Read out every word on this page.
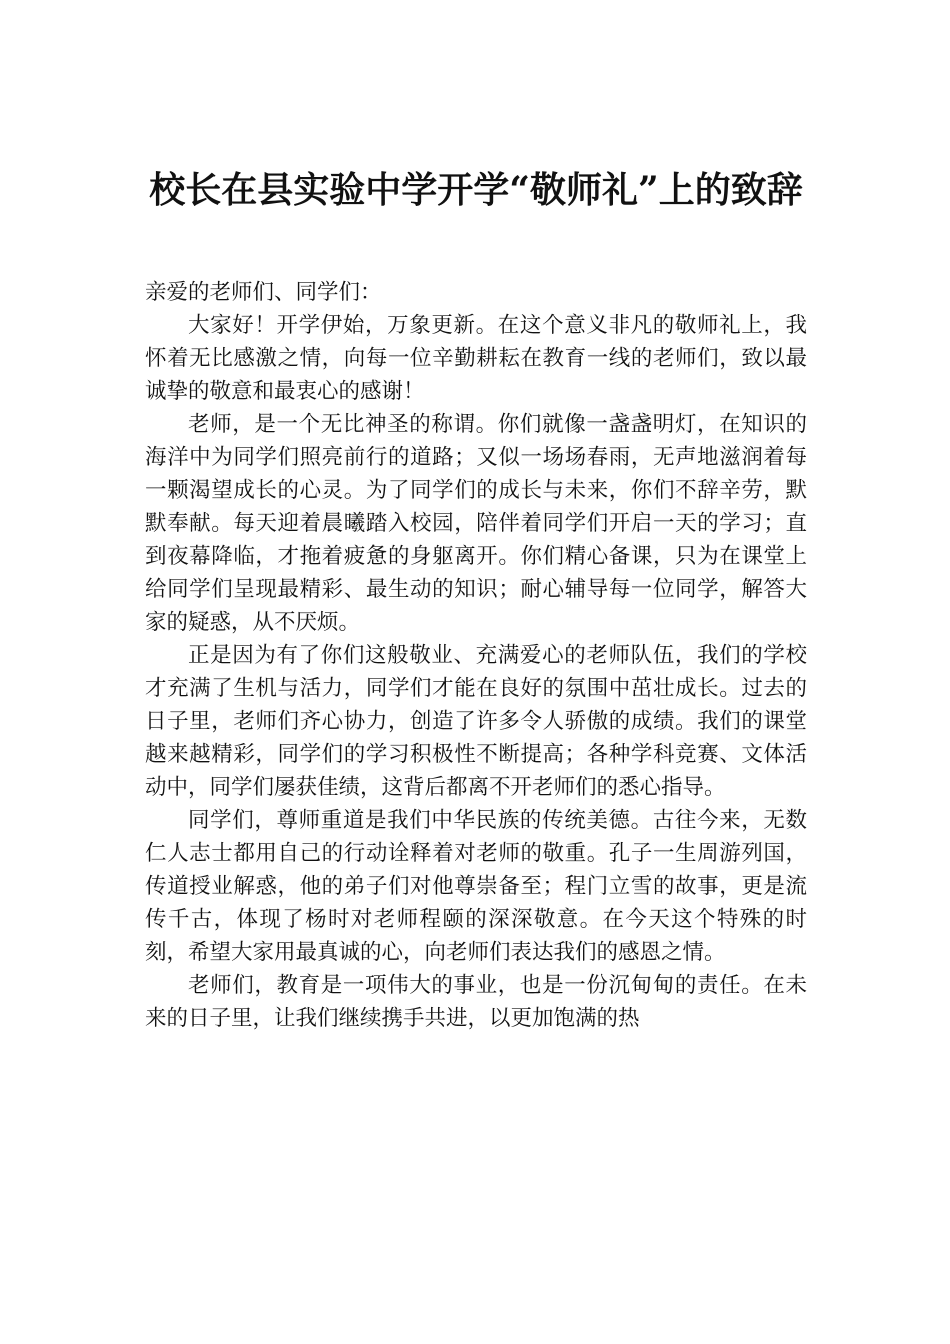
校长在县实验中学开学“敬师礼”上的致辞

亲爱的老师们、同学们：

大家好！开学伊始，万象更新。在这个意义非凡的敬师礼上，我怀着无比感激之情，向每一位辛勤耕耘在教育一线的老师们，致以最诚挚的敬意和最衷心的感谢！

老师，是一个无比神圣的称谓。你们就像一盏盏明灯，在知识的海洋中为同学们照亮前行的道路；又似一场场春雨，无声地滋润着每一颗渴望成长的心灵。为了同学们的成长与未来，你们不辞辛劳，默默奉献。每天迎着晨曦踏入校园，陪伴着同学们开启一天的学习；直到夜幕降临，才拖着疲惫的身躯离开。你们精心备课，只为在课堂上给同学们呈现最精彩、最生动的知识；耐心辅导每一位同学，解答大家的疑惑，从不厌烦。

正是因为有了你们这般敬业、充满爱心的老师队伍，我们的学校才充满了生机与活力，同学们才能在良好的氛围中茁壮成长。过去的日子里，老师们齐心协力，创造了许多令人骄傲的成绩。我们的课堂越来越精彩，同学们的学习积极性不断提高；各种学科竞赛、文体活动中，同学们屡获佳绩，这背后都离不开老师们的悉心指导。

同学们，尊师重道是我们中华民族的传统美德。古往今来，无数仁人志士都用自己的行动诠释着对老师的敬重。孔子一生周游列国，传道授业解惑，他的弟子们对他尊崇备至；程门立雪的故事，更是流传千古，体现了杨时对老师程颐的深深敬意。在今天这个特殊的时刻，希望大家用最真诚的心，向老师们表达我们的感恩之情。

老师们，教育是一项伟大的事业，也是一份沉甸甸的责任。在未来的日子里，让我们继续携手共进，以更加饱满的热
